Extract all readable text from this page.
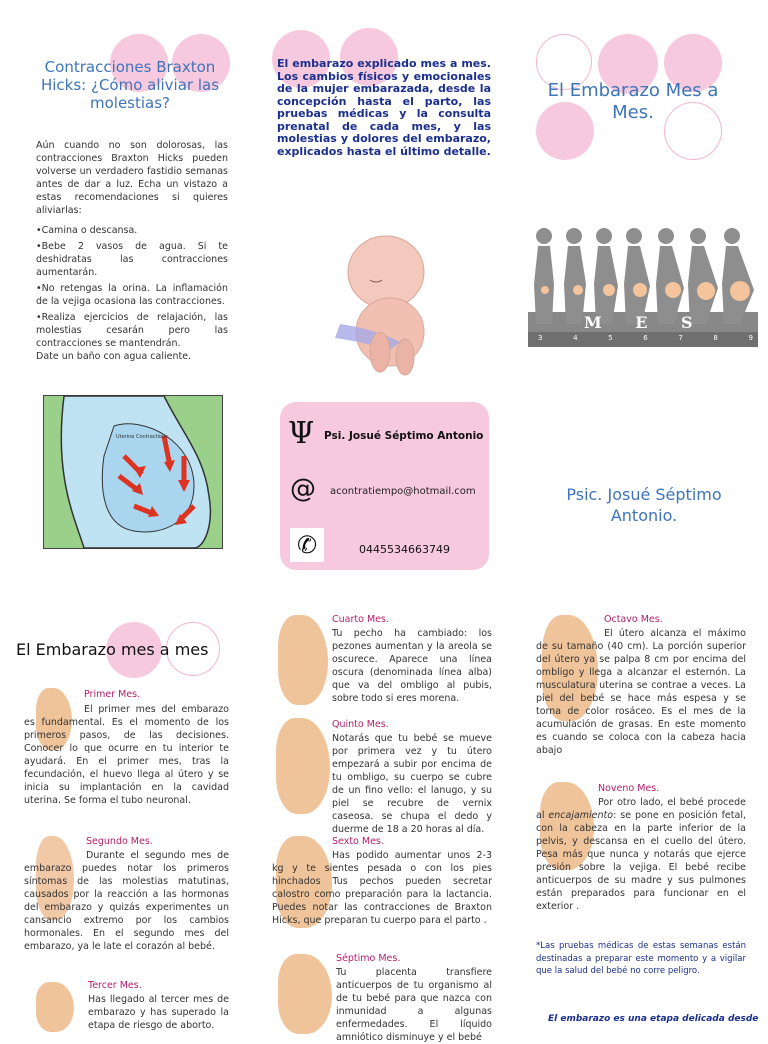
Contracciones Braxton Hicks: ¿Cómo aliviar las molestias?
Aún cuando no son dolorosas, las contracciones Braxton Hicks pueden volverse un verdadero fastidio semanas antes de dar a luz. Echa un vistazo a estas recomendaciones si quieres aliviarlas:
•Camina o descansa.
•Bebe 2 vasos de agua. Si te deshidratas las contracciones aumentarán.
•No retengas la orina. La inflamación de la vejiga ocasiona las contracciones.
•Realiza ejercicios de relajación, las molestias cesarán pero las contracciones se mantendrán.
Date un baño con agua caliente.
Uterine Contractions
El embarazo explicado mes a mes. Los cambios físicos y emocionales de la mujer embarazada, desde la concepción hasta el parto, las pruebas médicas y la consulta prenatal de cada mes, y las molestias y dolores del embarazo, explicados hasta el último detalle.
Ψ Psi. Josué Séptimo Antonio
@ acontratiempo@hotmail.com
✆	0445534663749
El Embarazo Mes a Mes.
M E S
3	4	5	6	7	8	9
Psic. Josué Séptimo Antonio.
El Embarazo mes a mes
Primer Mes.
El primer mes del embarazo es fundamental. Es el momento de los primeros pasos, de las decisiones. Conocer lo que ocurre en tu interior te ayudará. En el primer mes, tras la fecundación, el huevo llega al útero y se inicia su implantación en la cavidad uterina. Se forma el tubo neuronal.
Segundo Mes.
Durante el segundo mes de embarazo puedes notar los primeros síntomas de las molestias matutinas, causados por la reacción a las hormonas del embarazo y quizás experimentes un cansancio extremo por los cambios hormonales. En el segundo mes del embarazo, ya le late el corazón al bebé.
Tercer Mes.
Has llegado al tercer mes de embarazo y has superado la etapa de riesgo de aborto.
Cuarto Mes.
Tu pecho ha cambiado: los pezones aumentan y la areola se oscurece. Aparece una línea oscura (denominada línea alba) que va del ombligo al pubis, sobre todo si eres morena.
Quinto Mes.
Notarás que tu bebé se mueve por primera vez y tu útero empezará a subir por encima de tu ombligo, su cuerpo se cubre de un fino vello: el lanugo, y su piel se recubre de vernix caseosa. se chupa el dedo y duerme de 18 a 20 horas al día.
Sexto Mes.
Has podido aumentar unos 2-3 kg y te sientes pesada o con los pies hinchados Tus pechos pueden secretar calostro como preparación para la lactancia. Puedes notar las contracciones de Braxton Hicks, que preparan tu cuerpo para el parto .
Séptimo Mes.
Tu placenta transfiere anticuerpos de tu organismo al de tu bebé para que nazca con inmunidad a algunas enfermedades. El líquido amniótico disminuye y el bebé
Octavo Mes.
El útero alcanza el máximo de su tamaño (40 cm). La porción superior del útero ya se palpa 8 cm por encima del ombligo y llega a alcanzar el esternón. La musculatura uterina se contrae a veces. La piel del bebé se hace más espesa y se torna de color rosáceo. Es el mes de la acumulación de grasas. En este momento es cuando se coloca con la cabeza hacia abajo
Noveno Mes.
Por otro lado, el bebé procede al encajamiento: se pone en posición fetal, con la cabeza en la parte inferior de la pelvis, y descansa en el cuello del útero. Pesa más que nunca y notarás que ejerce presión sobre la vejiga. El bebé recibe anticuerpos de su madre y sus pulmones están preparados para funcionar en el exterior .
*Las pruebas médicas de estas semanas están destinadas a preparar este momento y a vigilar que la salud del bebé no corre peligro.
El embarazo es una etapa delicada desde
